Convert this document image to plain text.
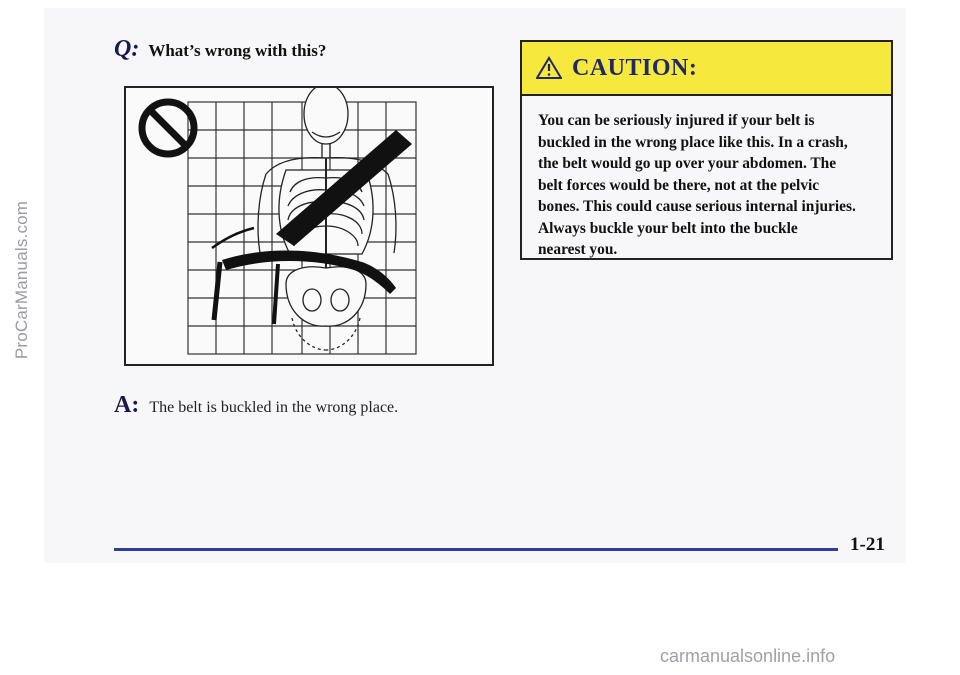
ProCarManuals.com
Q: What’s wrong with this?
A: The belt is buckled in the wrong place.
CAUTION:
You can be seriously injured if your belt is
buckled in the wrong place like this. In a crash,
the belt would go up over your abdomen. The
belt forces would be there, not at the pelvic
bones. This could cause serious internal injuries.
Always buckle your belt into the buckle
nearest you.
1-21
carmanualsonline.info
